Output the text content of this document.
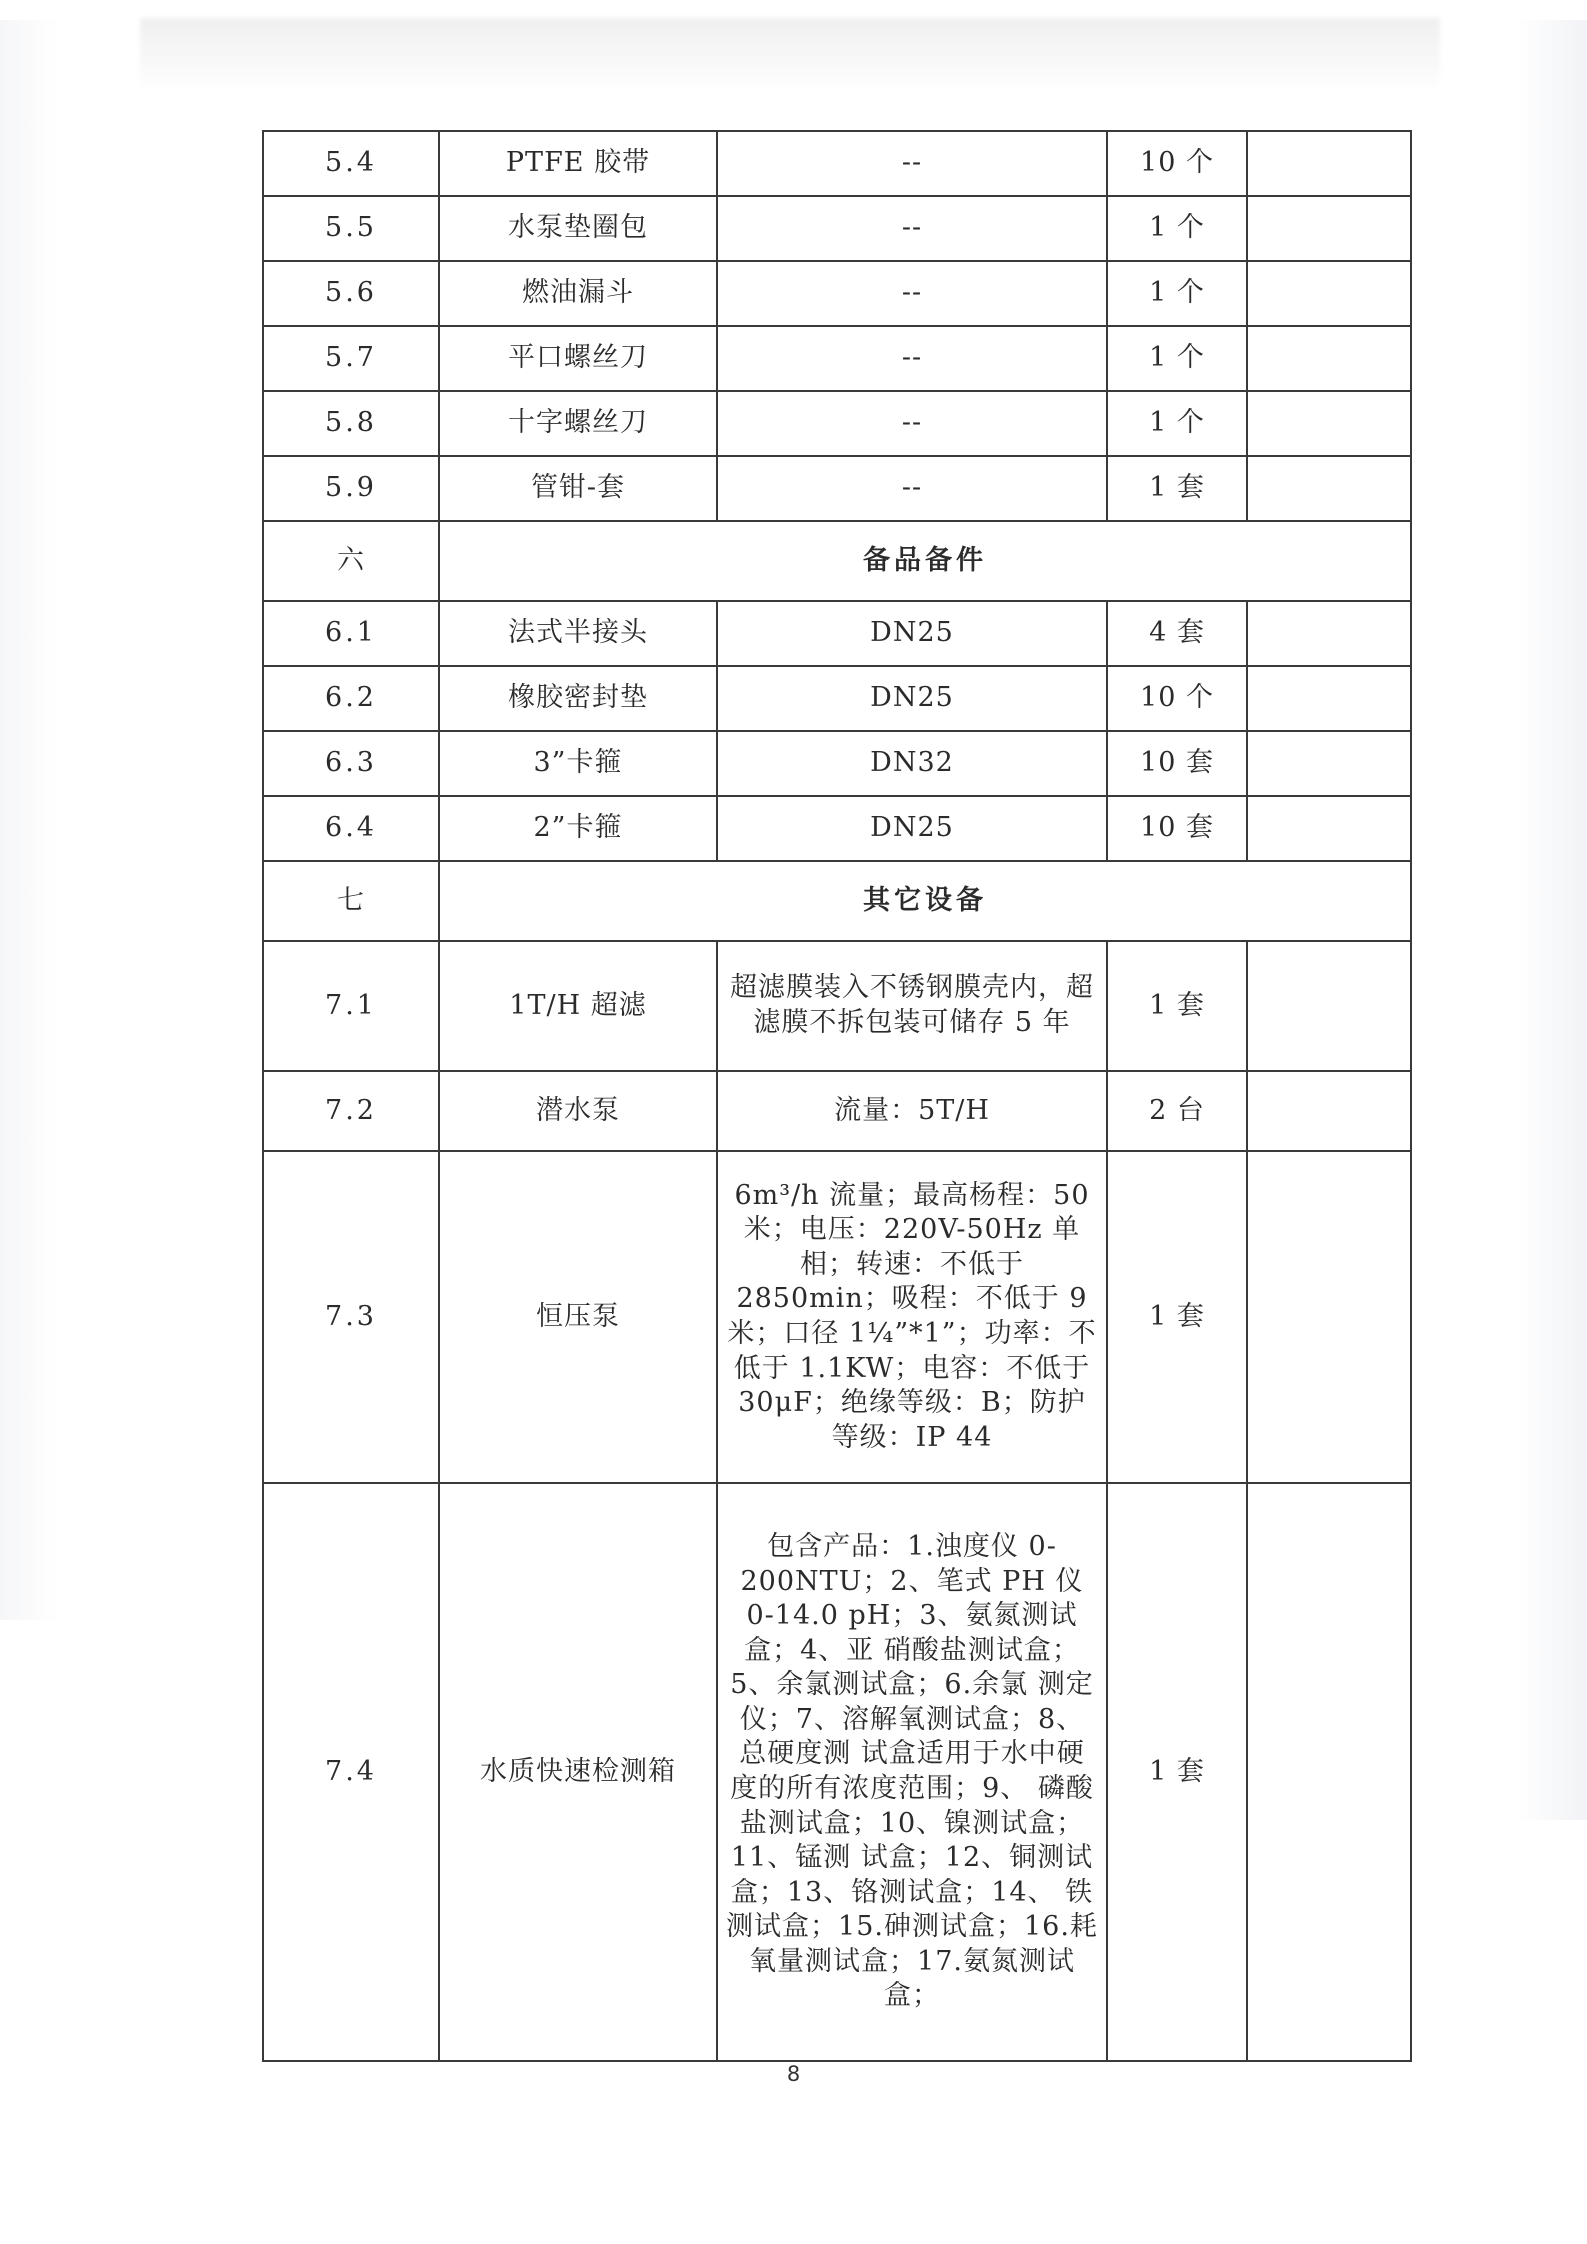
5.4	PTFE 胶带	--	10 个	
5.5	水泵垫圈包	--	1 个	
5.6	燃油漏斗	--	1 个	
5.7	平口螺丝刀	--	1 个	
5.8	十字螺丝刀	--	1 个	
5.9	管钳-套	--	1 套	
六	备品备件			
6.1	法式半接头	DN25	4 套	
6.2	橡胶密封垫	DN25	10 个	
6.3	3”卡箍	DN32	10 套	
6.4	2”卡箍	DN25	10 套	
七	其它设备			
7.1	1T/H 超滤	超滤膜装入不锈钢膜壳内，超滤膜不拆包装可储存 5 年	1 套	
7.2	潜水泵	流量：5T/H	2 台	
7.3	恒压泵	6m³/h 流量；最高杨程：50 米；电压：220V-50Hz 单相；转速：不低于 2850min；吸程：不低于 9 米；口径 1¼”*1”；功率：不低于 1.1KW；电容：不低于 30μF；绝缘等级：B；防护等级：IP 44	1 套	
7.4	水质快速检测箱	包含产品：1.浊度仪 0-200NTU；2、笔式 PH 仪 0-14.0 pH；3、氨氮测试盒；4、亚 硝酸盐测试盒；5、余氯测试盒；6.余氯 测定仪；7、溶解氧测试盒；8、总硬度测 试盒适用于水中硬度的所有浓度范围；9、 磷酸盐测试盒；10、镍测试盒；11、锰测 试盒；12、铜测试盒；13、铬测试盒；14、 铁测试盒；15.砷测试盒；16.耗氧量测试盒；17.氨氮测试盒；	1 套	
8
